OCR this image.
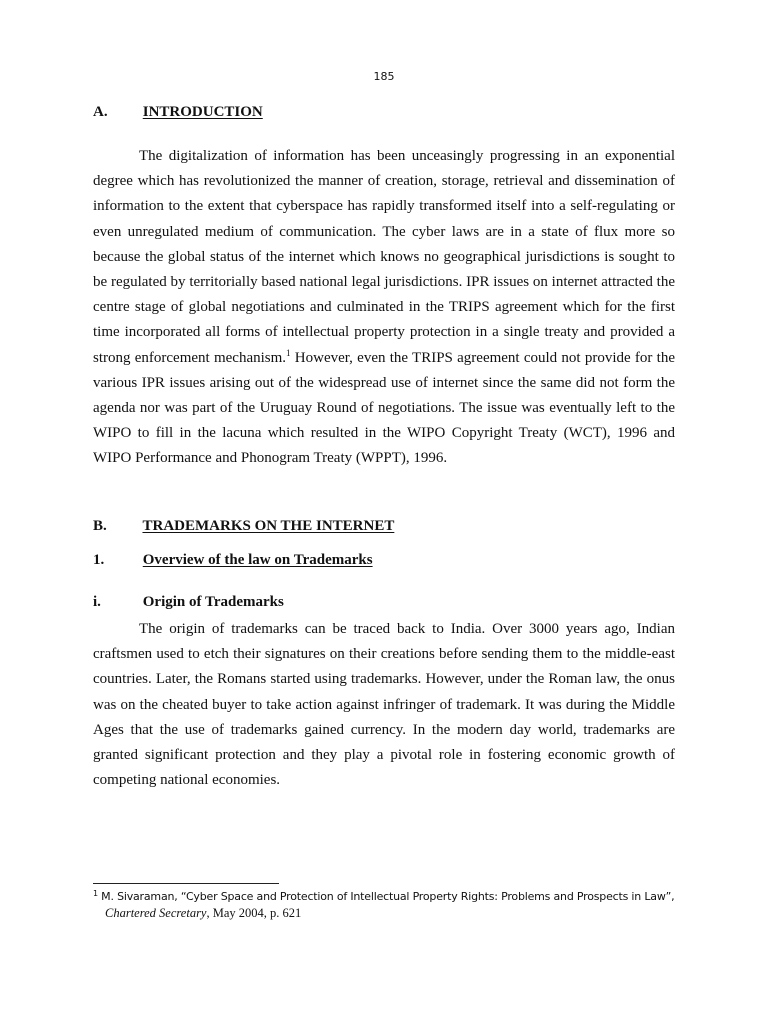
185
A. INTRODUCTION

The digitalization of information has been unceasingly progressing in an exponential degree which has revolutionized the manner of creation, storage, retrieval and dissemination of information to the extent that cyberspace has rapidly transformed itself into a self-regulating or even unregulated medium of communication. The cyber laws are in a state of flux more so because the global status of the internet which knows no geographical jurisdictions is sought to be regulated by territorially based national legal jurisdictions. IPR issues on internet attracted the centre stage of global negotiations and culminated in the TRIPS agreement which for the first time incorporated all forms of intellectual property protection in a single treaty and provided a strong enforcement mechanism.$^1$ However, even the TRIPS agreement could not provide for the various IPR issues arising out of the widespread use of internet since the same did not form the agenda nor was part of the Uruguay Round of negotiations. The issue was eventually left to the WIPO to fill in the lacuna which resulted in the WIPO Copyright Treaty (WCT), 1996 and WIPO Performance and Phonogram Treaty (WPPT), 1996.

B. TRADEMARKS ON THE INTERNET
1.	Overview of the law on Trademarks
i.	Origin of Trademarks

The origin of trademarks can be traced back to India. Over 3000 years ago, Indian craftsmen used to etch their signatures on their creations before sending them to the middle-east countries. Later, the Romans started using trademarks. However, under the Roman law, the onus was on the cheated buyer to take action against infringer of trademark. It was during the Middle Ages that the use of trademarks gained currency. In the modern day world, trademarks are granted significant protection and they play a pivotal role in fostering economic growth of competing national economies.

$^1$ M. Sivaraman, “Cyber Space and Protection of Intellectual Property Rights: Problems and Prospects in Law”,
Chartered Secretary, May 2004, p. 621
